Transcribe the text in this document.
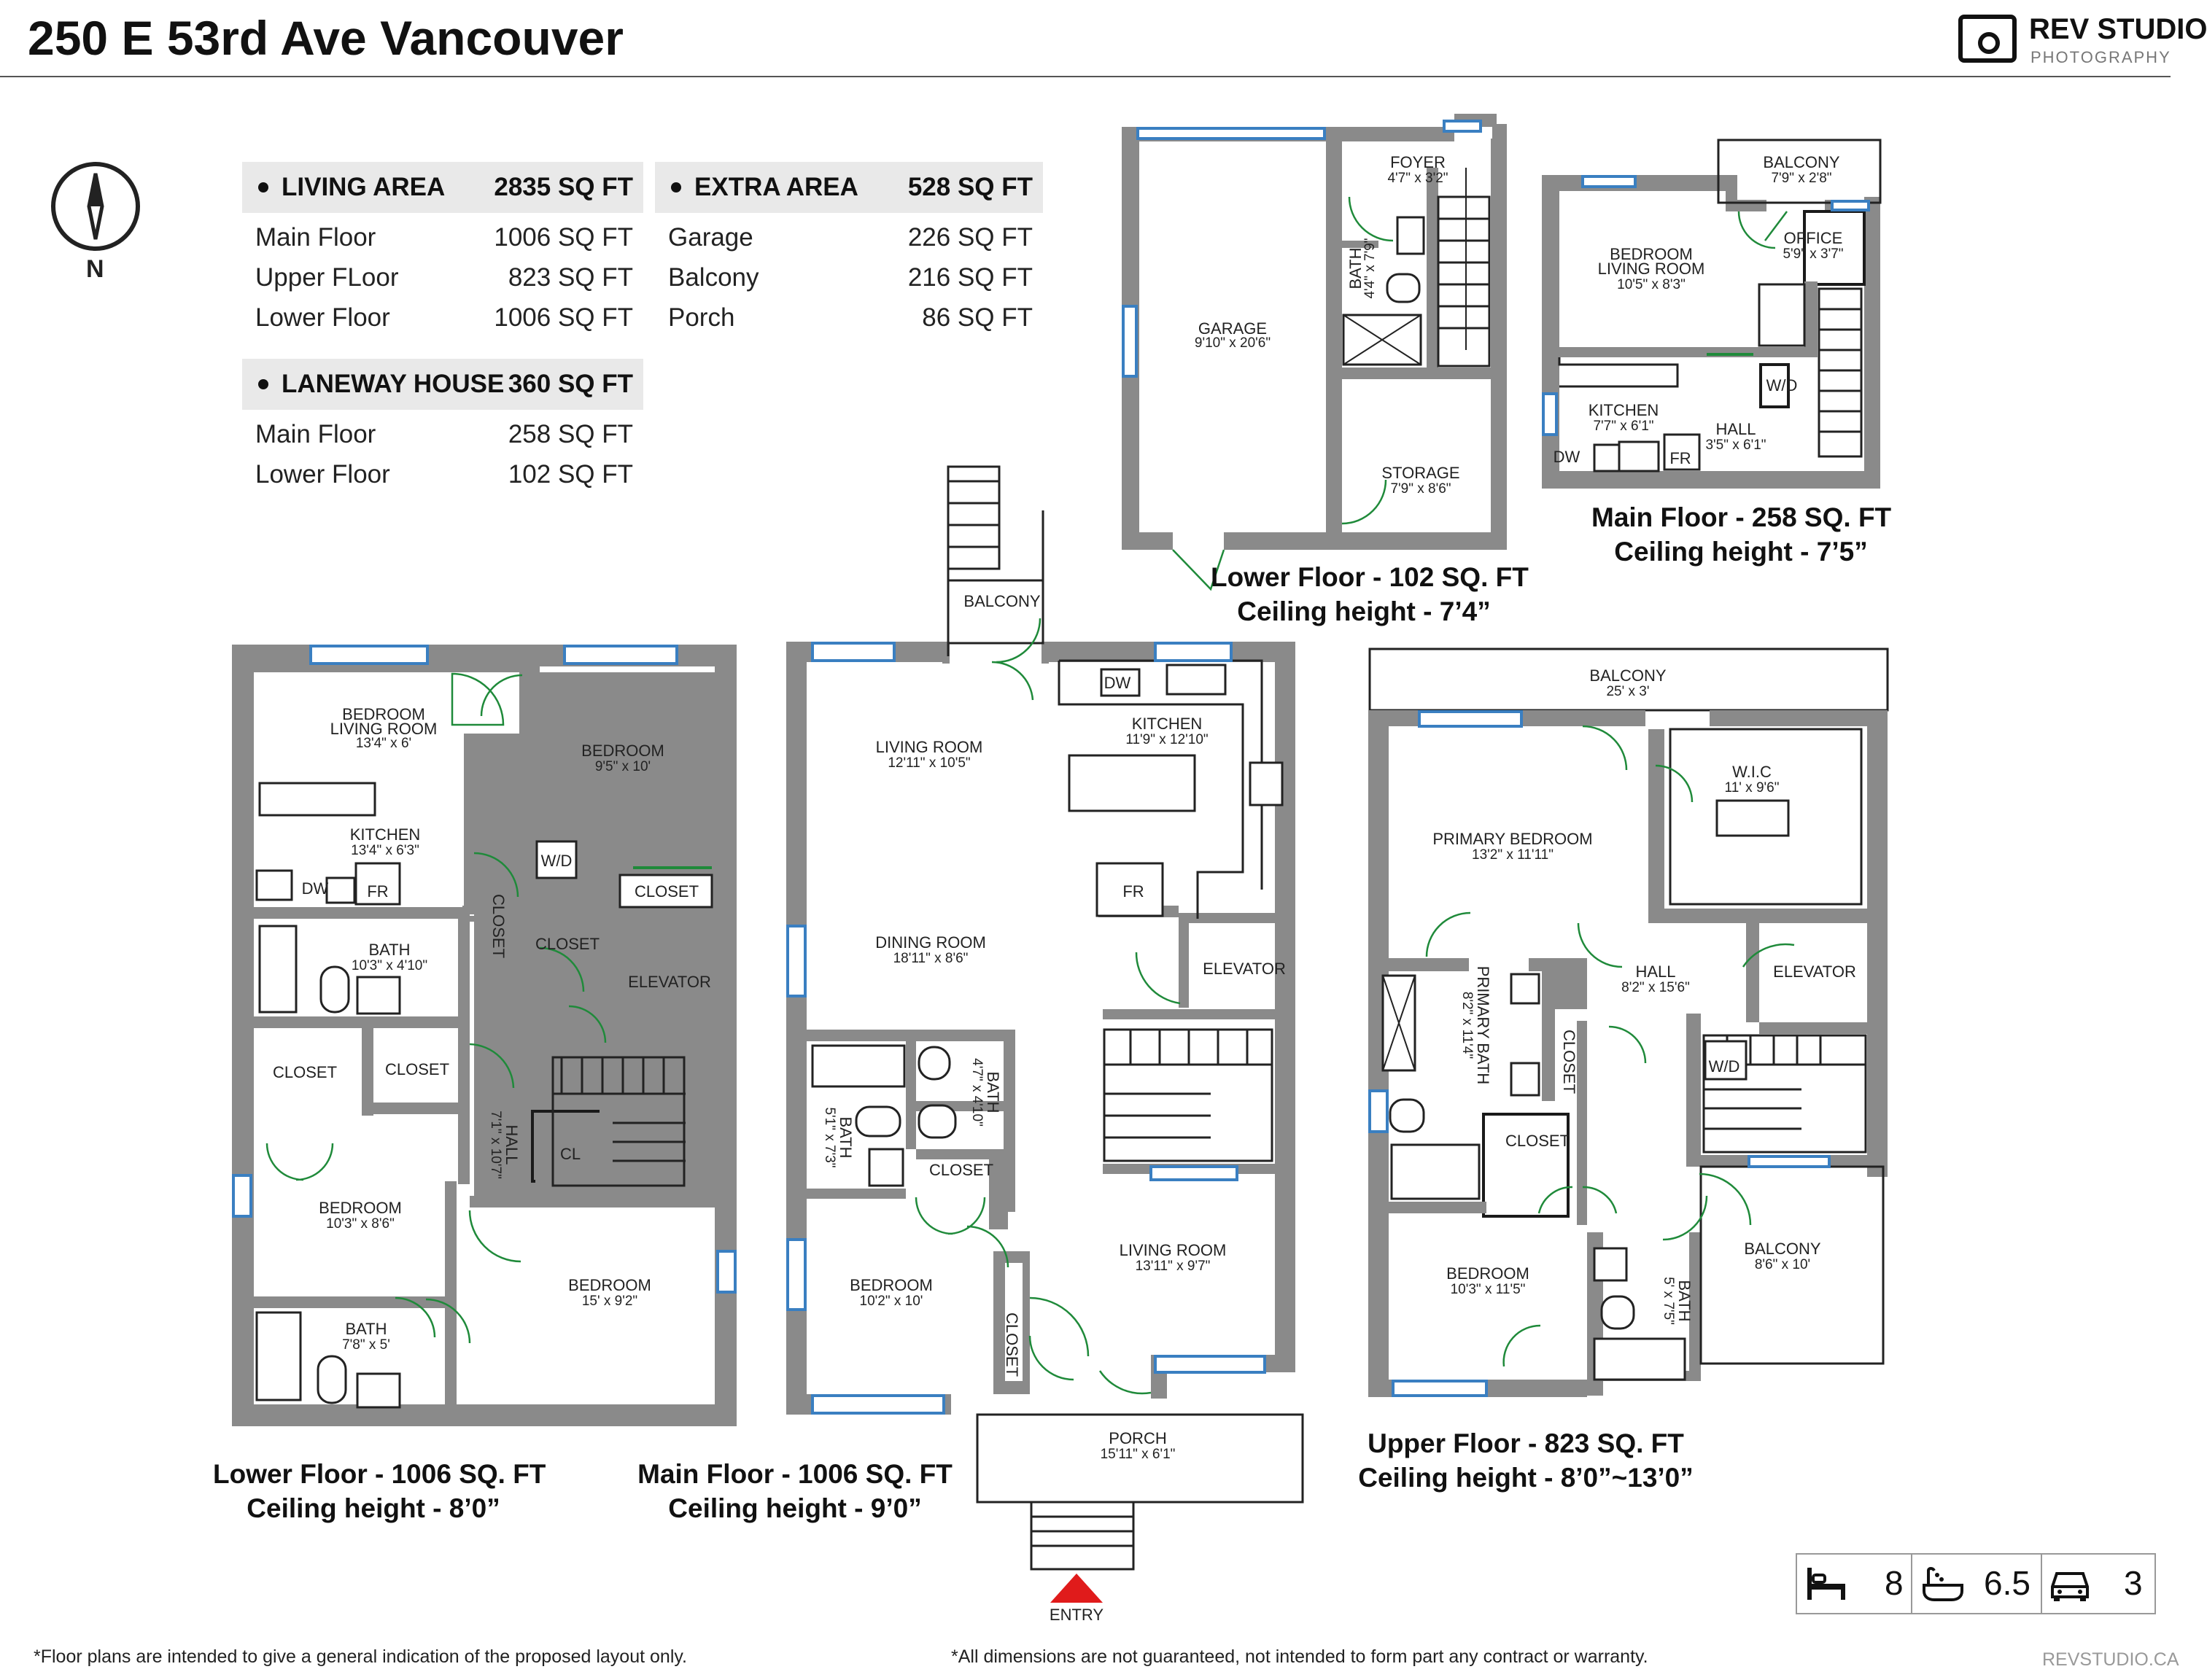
250 E 53rd Ave Vancouver	REV STUDIO
PHOTOGRAPHY
N
LIVING AREA	2835 SQ FT
Main Floor	1006 SQ FT
Upper FLoor	823 SQ FT
Lower Floor	1006 SQ FT
LANEWAY HOUSE 360 SQ FT
Main Floor	258 SQ FT
Lower Floor	102 SQ FT
EXTRA AREA	528 SQ FT
Garage	226 SQ FT
Balcony	216 SQ FT
Porch	86 SQ FT
BEDROOM
LIVING ROOM
13'4" x 6'	BEDROOM
9'5" x 10'
KITCHEN
13'4" x 6'3"
BATH
10'3" x 4'10"
CLOSET	CLOSET
CLOSET
CLOSET
CLOSET
ELEVATOR
HALL
7'1" x 10'7"	CL
BEDROOM
10'3" x 8'6"
BEDROOM
15' x 9'2"
BATH
7'8" x 5'
W/D
DW FR
BALCONY
LIVING ROOM
12'11" x 10'5"
KITCHEN
11'9" x 12'10"
DINING ROOM
18'11" x 8'6"
ELEVATOR
BATH
4'7" x 4'10"
BATH
5'1" x 7'3"
CLOSET
CLOSET
BEDROOM
10'2" x 10'
LIVING ROOM
13'11" x 9'7"
PORCH
15'11" x 6'1"
ENTRY
DW
FR
BALCONY
25' x 3'
PRIMARY BEDROOM
13'2" x 11'11"
W.I.C
11' x 9'6"
HALL
8'2" x 15'6"
ELEVATOR
PRIMARY BATH
8'2" x 11'4"
CLOSET
CLOSET
W/D
BEDROOM
10'3" x 11'5"	BATH
5' x 7'5"
BALCONY
8'6" x 10'
FOYER
4'7" x 3'2"
BATH
4'4" x 7'9"
GARAGE
9'10" x 20'6"
STORAGE
7'9" x 8'6"
BALCONY
7'9" x 2'8"
OFFICE
5'9" x 3'7"
BEDROOM
LIVING ROOM
10'5" x 8'3"
KITCHEN
7'7" x 6'1"	HALL
3'5" x 6'1"
W/D
DW	FR
Lower Floor - 1006 SQ. FT
Ceiling height - 8’0”
Main Floor - 1006 SQ. FT
Ceiling height - 9’0”
Upper Floor - 823 SQ. FT
Ceiling height - 8’0”~13’0”
Lower Floor - 102 SQ. FT
Ceiling height - 7’4”
Main Floor - 258 SQ. FT
Ceiling height - 7’5”
8 6.5	3
*Floor plans are intended to give a general indication of the proposed layout only.	*All dimensions are not guaranteed, not intended to form part any contract or warranty.	REVSTUDIO.CA
